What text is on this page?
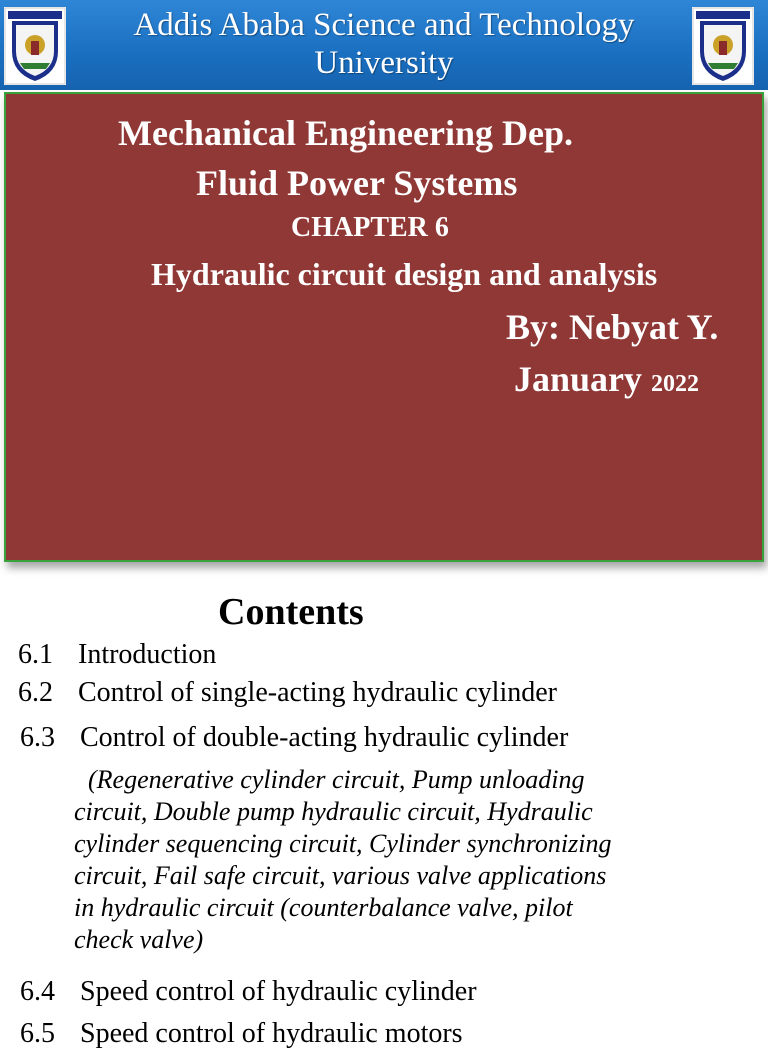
Addis Ababa Science and Technology University
Mechanical Engineering Dep.
Fluid Power Systems
CHAPTER 6
Hydraulic circuit design and analysis
By: Nebyat Y.
January 2022
Contents
6.1 Introduction
6.2 Control of single-acting hydraulic cylinder
6.3 Control of double-acting hydraulic cylinder
(Regenerative cylinder circuit, Pump unloading
circuit, Double pump hydraulic circuit, Hydraulic
cylinder sequencing circuit, Cylinder synchronizing
circuit, Fail safe circuit, various valve applications
in hydraulic circuit (counterbalance valve, pilot
check valve)
6.4 Speed control of hydraulic cylinder
6.5 Speed control of hydraulic motors
